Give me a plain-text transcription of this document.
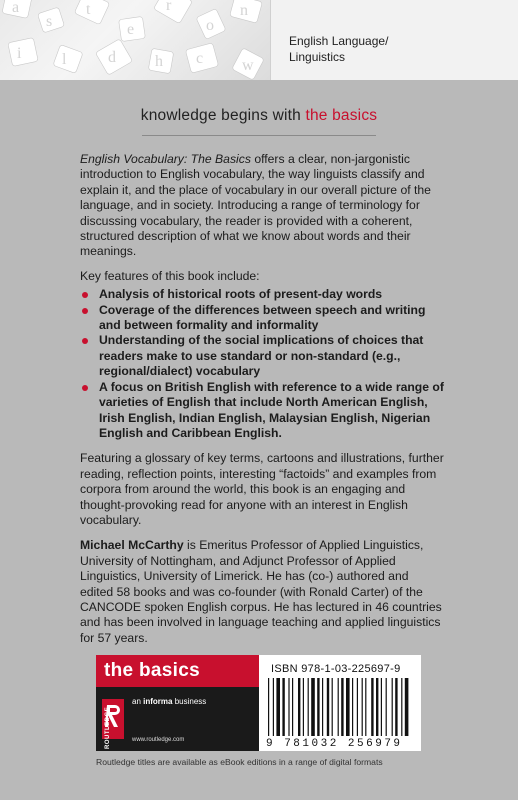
a
s
t
e
r
o
n
i	l	d h c w
English Language/
Linguistics
knowledge begins with the basics

English Vocabulary: The Basics offers a clear, non-jargonistic introduction to English vocabulary, the way linguists classify and explain it, and the place of vocabulary in our overall picture of the language, and in society. Introducing a range of terminology for discussing vocabulary, the reader is provided with a coherent, structured description of what we know about words and their meanings.

Key features of this book include:

Analysis of historical roots of present-day words
Coverage of the differences between speech and writing and between formality and informality
Understanding of the social implications of choices that readers make to use standard or non-standard (e.g., regional/dialect) vocabulary
A focus on British English with reference to a wide range of varieties of English that include North American English, Irish English, Indian English, Malaysian English, Nigerian English and Caribbean English.

Featuring a glossary of key terms, cartoons and illustrations, further reading, reflection points, interesting “factoids” and examples from corpora from around the world, this book is an engaging and thought-provoking read for anyone with an interest in English vocabulary.

Michael McCarthy is Emeritus Professor of Applied Linguistics, University of Nottingham, and Adjunct Professor of Applied Linguistics, University of Limerick. He has (co-) authored and edited 58 books and was co-founder (with Ronald Carter) of the CANCODE spoken English corpus. He has lectured in 46 countries and has been involved in language teaching and applied linguistics for 57 years.

the basics
ROUTLEDGE
an informa business
www.routledge.com
ISBN 978-1-03-225697-9
9 781032 256979
Routledge titles are available as eBook editions in a range of digital formats
